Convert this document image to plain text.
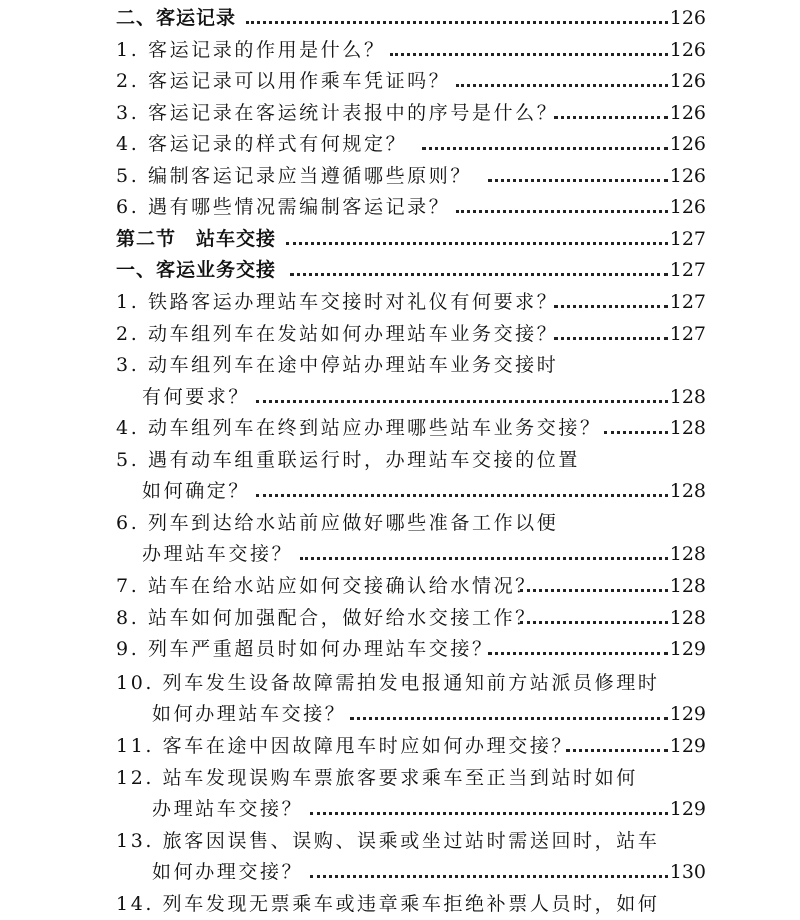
二、客运记录	126
1. 客运记录的作用是什么？	126
2. 客运记录可以用作乘车凭证吗？	126
3. 客运记录在客运统计表报中的序号是什么？	126
4. 客运记录的样式有何规定？	126
5. 编制客运记录应当遵循哪些原则？	126
6. 遇有哪些情况需编制客运记录？	126
第二节　站车交接	127
一、客运业务交接	127
1. 铁路客运办理站车交接时对礼仪有何要求？	127
2. 动车组列车在发站如何办理站车业务交接？	127
3. 动车组列车在途中停站办理站车业务交接时
有何要求？	128
4. 动车组列车在终到站应办理哪些站车业务交接？	128
5. 遇有动车组重联运行时，办理站车交接的位置
如何确定？	128
6. 列车到达给水站前应做好哪些准备工作以便
办理站车交接？	128
7. 站车在给水站应如何交接确认给水情况？	128
8. 站车如何加强配合，做好给水交接工作？	128
9. 列车严重超员时如何办理站车交接？	129
10. 列车发生设备故障需拍发电报通知前方站派员修理时
如何办理站车交接？	129
11. 客车在途中因故障甩车时应如何办理交接？	129
12. 站车发现误购车票旅客要求乘车至正当到站时如何
办理站车交接？	129
13. 旅客因误售、误购、误乘或坐过站时需送回时，站车
如何办理交接？	130
14. 列车发现无票乘车或违章乘车拒绝补票人员时，如何
